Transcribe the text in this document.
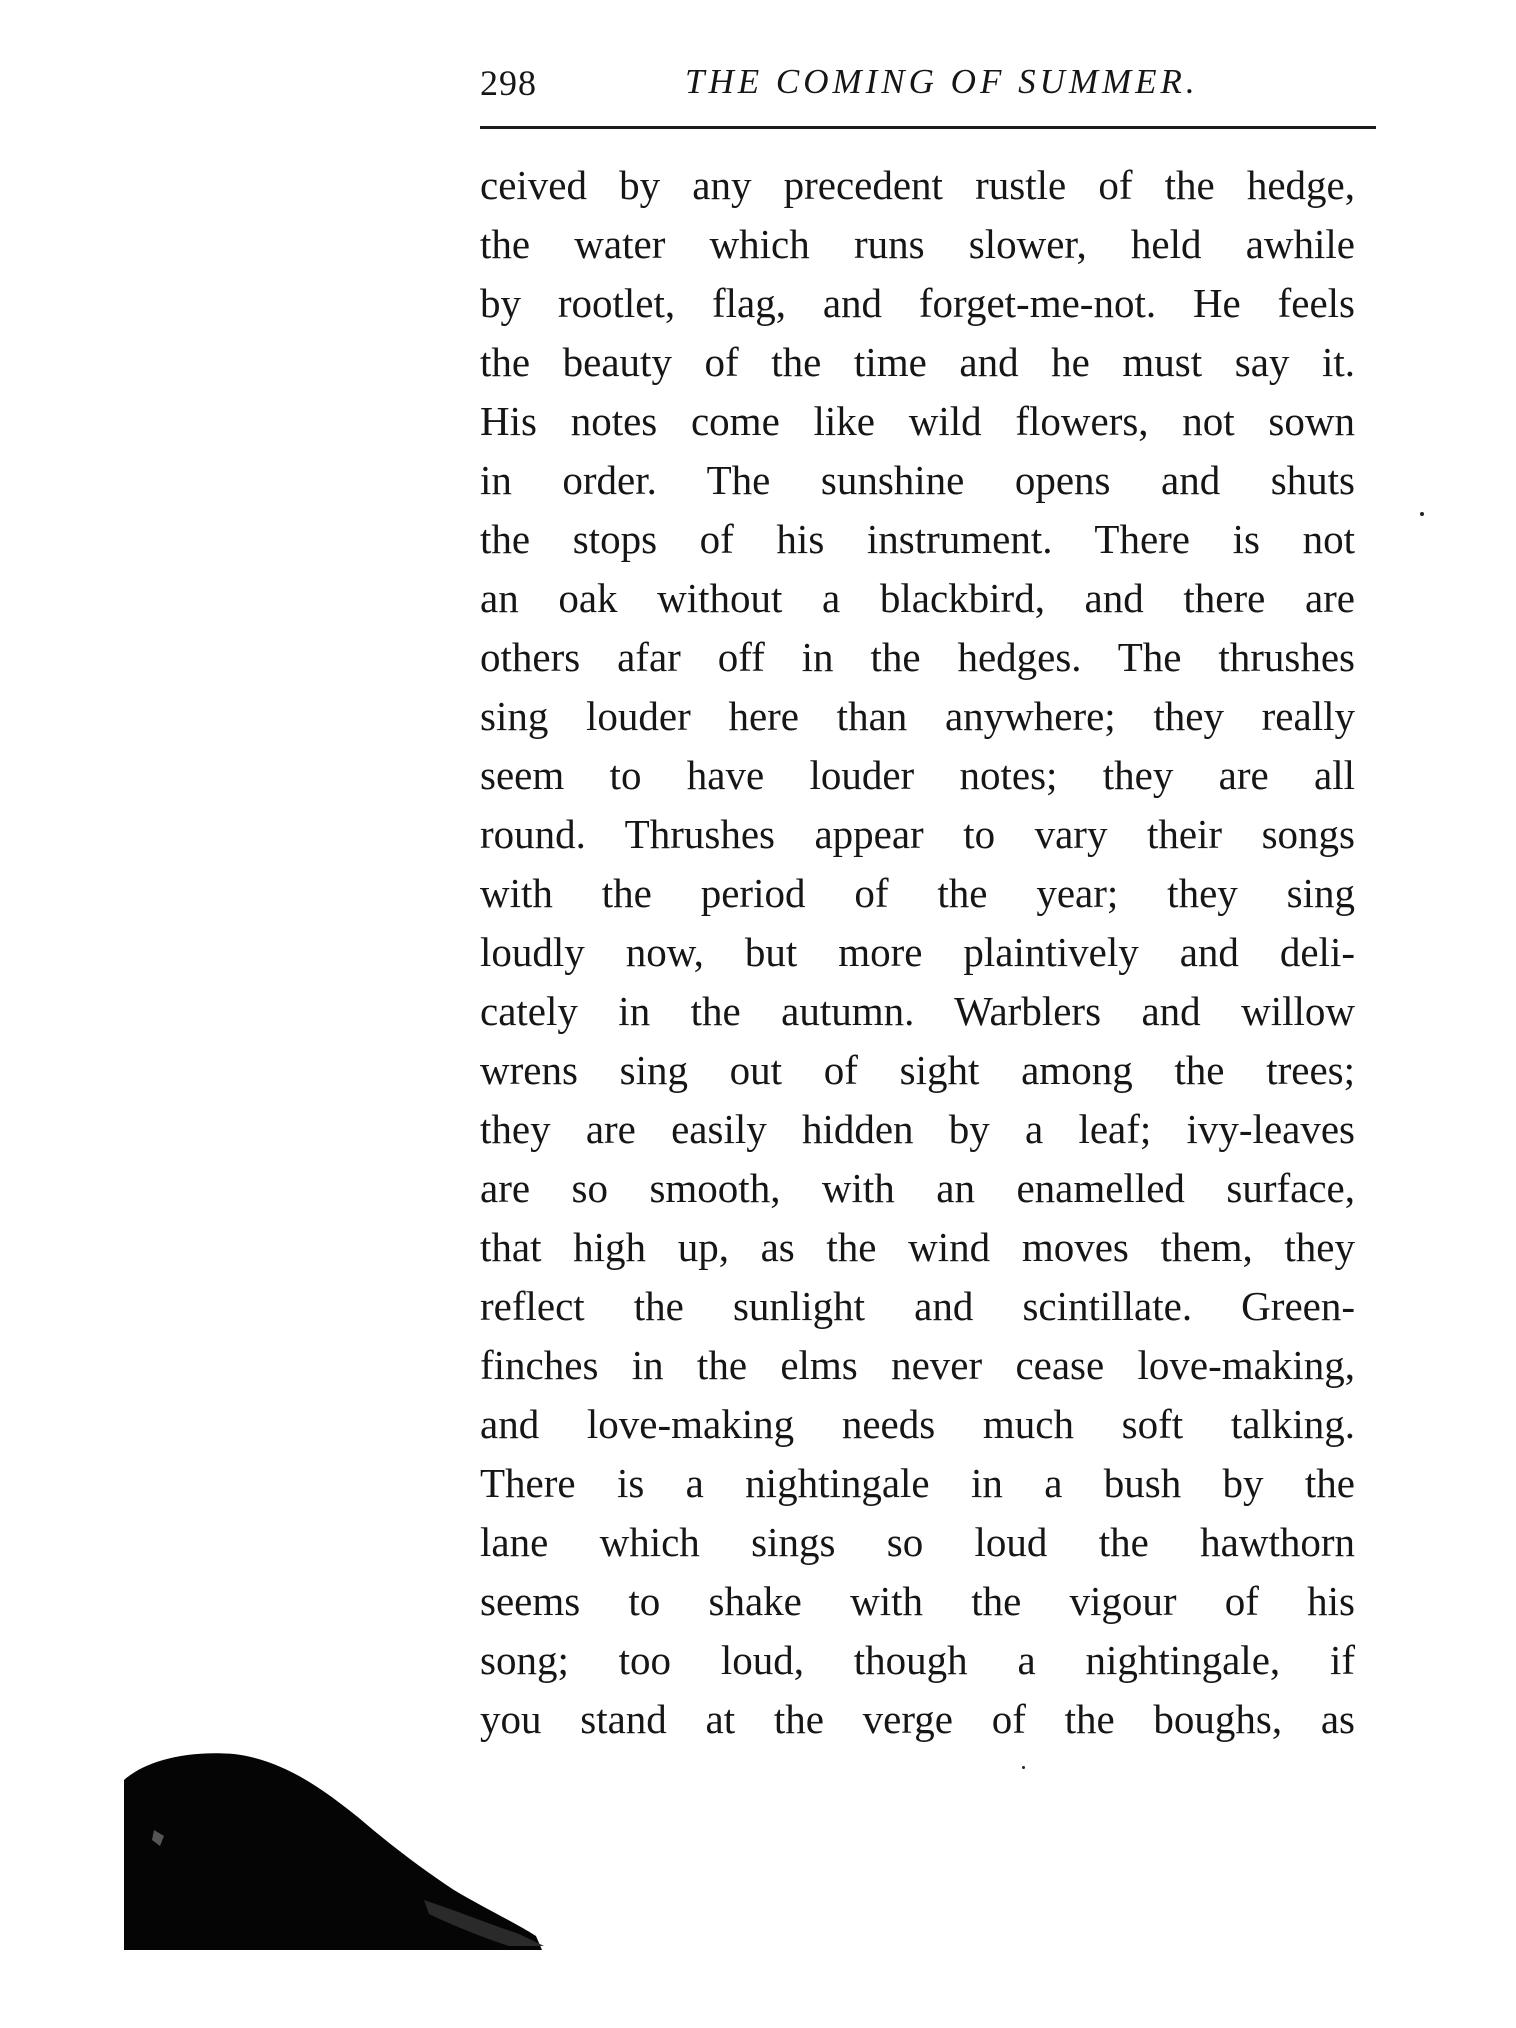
298	THE COMING OF SUMMER.
ceived by any precedent rustle of the hedge,
the water which runs slower, held awhile
by rootlet, flag, and forget-me-not. He feels
the beauty of the time and he must say it.
His notes come like wild flowers, not sown
in order. The sunshine opens and shuts
the stops of his instrument. There is not
an oak without a blackbird, and there are
others afar off in the hedges. The thrushes
sing louder here than anywhere; they really
seem to have louder notes; they are all
round. Thrushes appear to vary their songs
with the period of the year; they sing
loudly now, but more plaintively and deli-
cately in the autumn. Warblers and willow
wrens sing out of sight among the trees;
they are easily hidden by a leaf; ivy-leaves
are so smooth, with an enamelled surface,
that high up, as the wind moves them, they
reflect the sunlight and scintillate. Green-
finches in the elms never cease love-making,
and love-making needs much soft talking.
There is a nightingale in a bush by the
lane which sings so loud the hawthorn
seems to shake with the vigour of his
song; too loud, though a nightingale, if
you stand at the verge of the boughs, as
